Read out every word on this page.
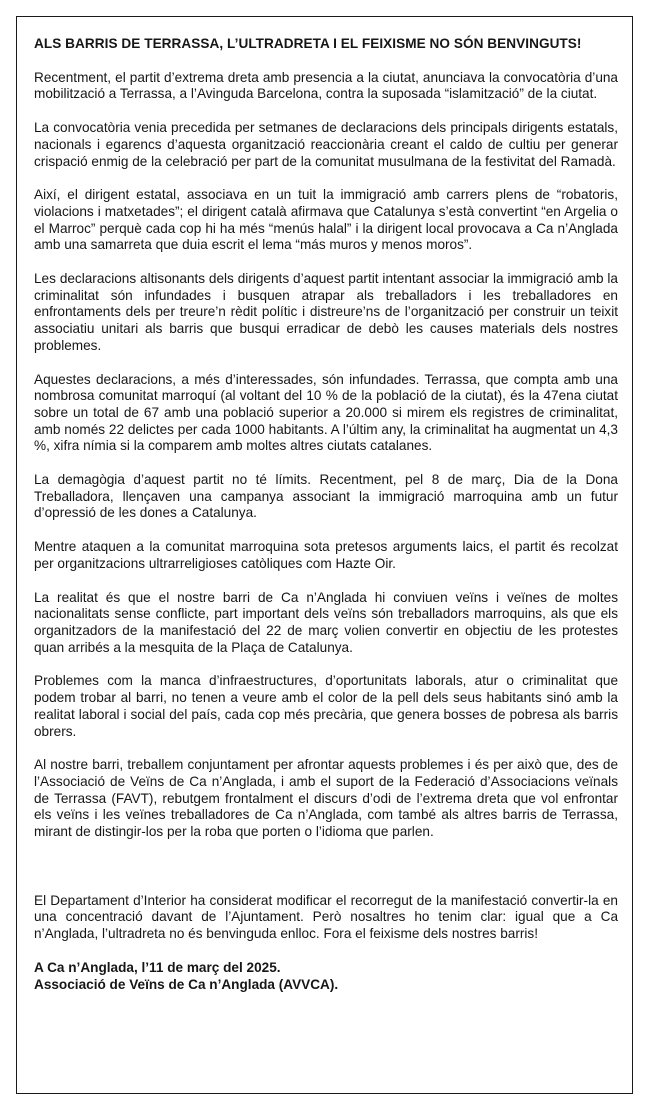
ALS BARRIS DE TERRASSA, L’ULTRADRETA I EL FEIXISME NO SÓN BENVINGUTS!

Recentment, el partit d’extrema dreta amb presencia a la ciutat, anunciava la convocatòria d’una mobilització a Terrassa, a l’Avinguda Barcelona, contra la suposada “islamització” de la ciutat.

La convocatòria venia precedida per setmanes de declaracions dels principals dirigents estatals, nacionals i egarencs d’aquesta organització reaccionària creant el caldo de cultiu per generar crispació enmig de la celebració per part de la comunitat musulmana de la festivitat del Ramadà.

Així, el dirigent estatal, associava en un tuit la immigració amb carrers plens de “robatoris, violacions i matxetades”; el dirigent català afirmava que Catalunya s’està convertint “en Argelia o el Marroc” perquè cada cop hi ha més “menús halal” i la dirigent local provocava a Ca n’Anglada amb una samarreta que duia escrit el lema “más muros y menos moros”.

Les declaracions altisonants dels dirigents d’aquest partit intentant associar la immigració amb la criminalitat són infundades i busquen atrapar als treballadors i les treballadores en enfrontaments dels per treure’n rèdit polític i distreure’ns de l’organització per construir un teixit associatiu unitari als barris que busqui erradicar de debò les causes materials dels nostres problemes.

Aquestes declaracions, a més d’interessades, són infundades. Terrassa, que compta amb una nombrosa comunitat marroquí (al voltant del 10 % de la població de la ciutat), és la 47ena ciutat sobre un total de 67 amb una població superior a 20.000 si mirem els registres de criminalitat, amb només 22 delictes per cada 1000 habitants. A l’últim any, la criminalitat ha augmentat un 4,3 %, xifra nímia si la comparem amb moltes altres ciutats catalanes.

La demagògia d’aquest partit no té límits. Recentment, pel 8 de març, Dia de la Dona Treballadora, llençaven una campanya associant la immigració marroquina amb un futur d’opressió de les dones a Catalunya.

Mentre ataquen a la comunitat marroquina sota pretesos arguments laics, el partit és recolzat per organitzacions ultrarreligioses catòliques com Hazte Oir.

La realitat és que el nostre barri de Ca n’Anglada hi conviuen veïns i veïnes de moltes nacionalitats sense conflicte, part important dels veïns són treballadors marroquins, als que els organitzadors de la manifestació del 22 de març volien convertir en objectiu de les protestes quan arribés a la mesquita de la Plaça de Catalunya.

Problemes com la manca d’infraestructures, d’oportunitats laborals, atur o criminalitat que podem trobar al barri, no tenen a veure amb el color de la pell dels seus habitants sinó amb la realitat laboral i social del país, cada cop més precària, que genera bosses de pobresa als barris obrers.

Al nostre barri, treballem conjuntament per afrontar aquests problemes i és per això que, des de l’Associació de Veïns de Ca n’Anglada, i amb el suport de la Federació d’Associacions veïnals de Terrassa (FAVT), rebutgem frontalment el discurs d’odi de l’extrema dreta que vol enfrontar els veïns i les veïnes treballadores de Ca n’Anglada, com també als altres barris de Terrassa, mirant de distingir-los per la roba que porten o l’idioma que parlen.

El Departament d’Interior ha considerat modificar el recorregut de la manifestació convertir-la en una concentració davant de l’Ajuntament. Però nosaltres ho tenim clar: igual que a Ca n’Anglada, l’ultradreta no és benvinguda enlloc. Fora el feixisme dels nostres barris!

A Ca n’Anglada, l’11 de març del 2025.
Associació de Veïns de Ca n’Anglada (AVVCA).
